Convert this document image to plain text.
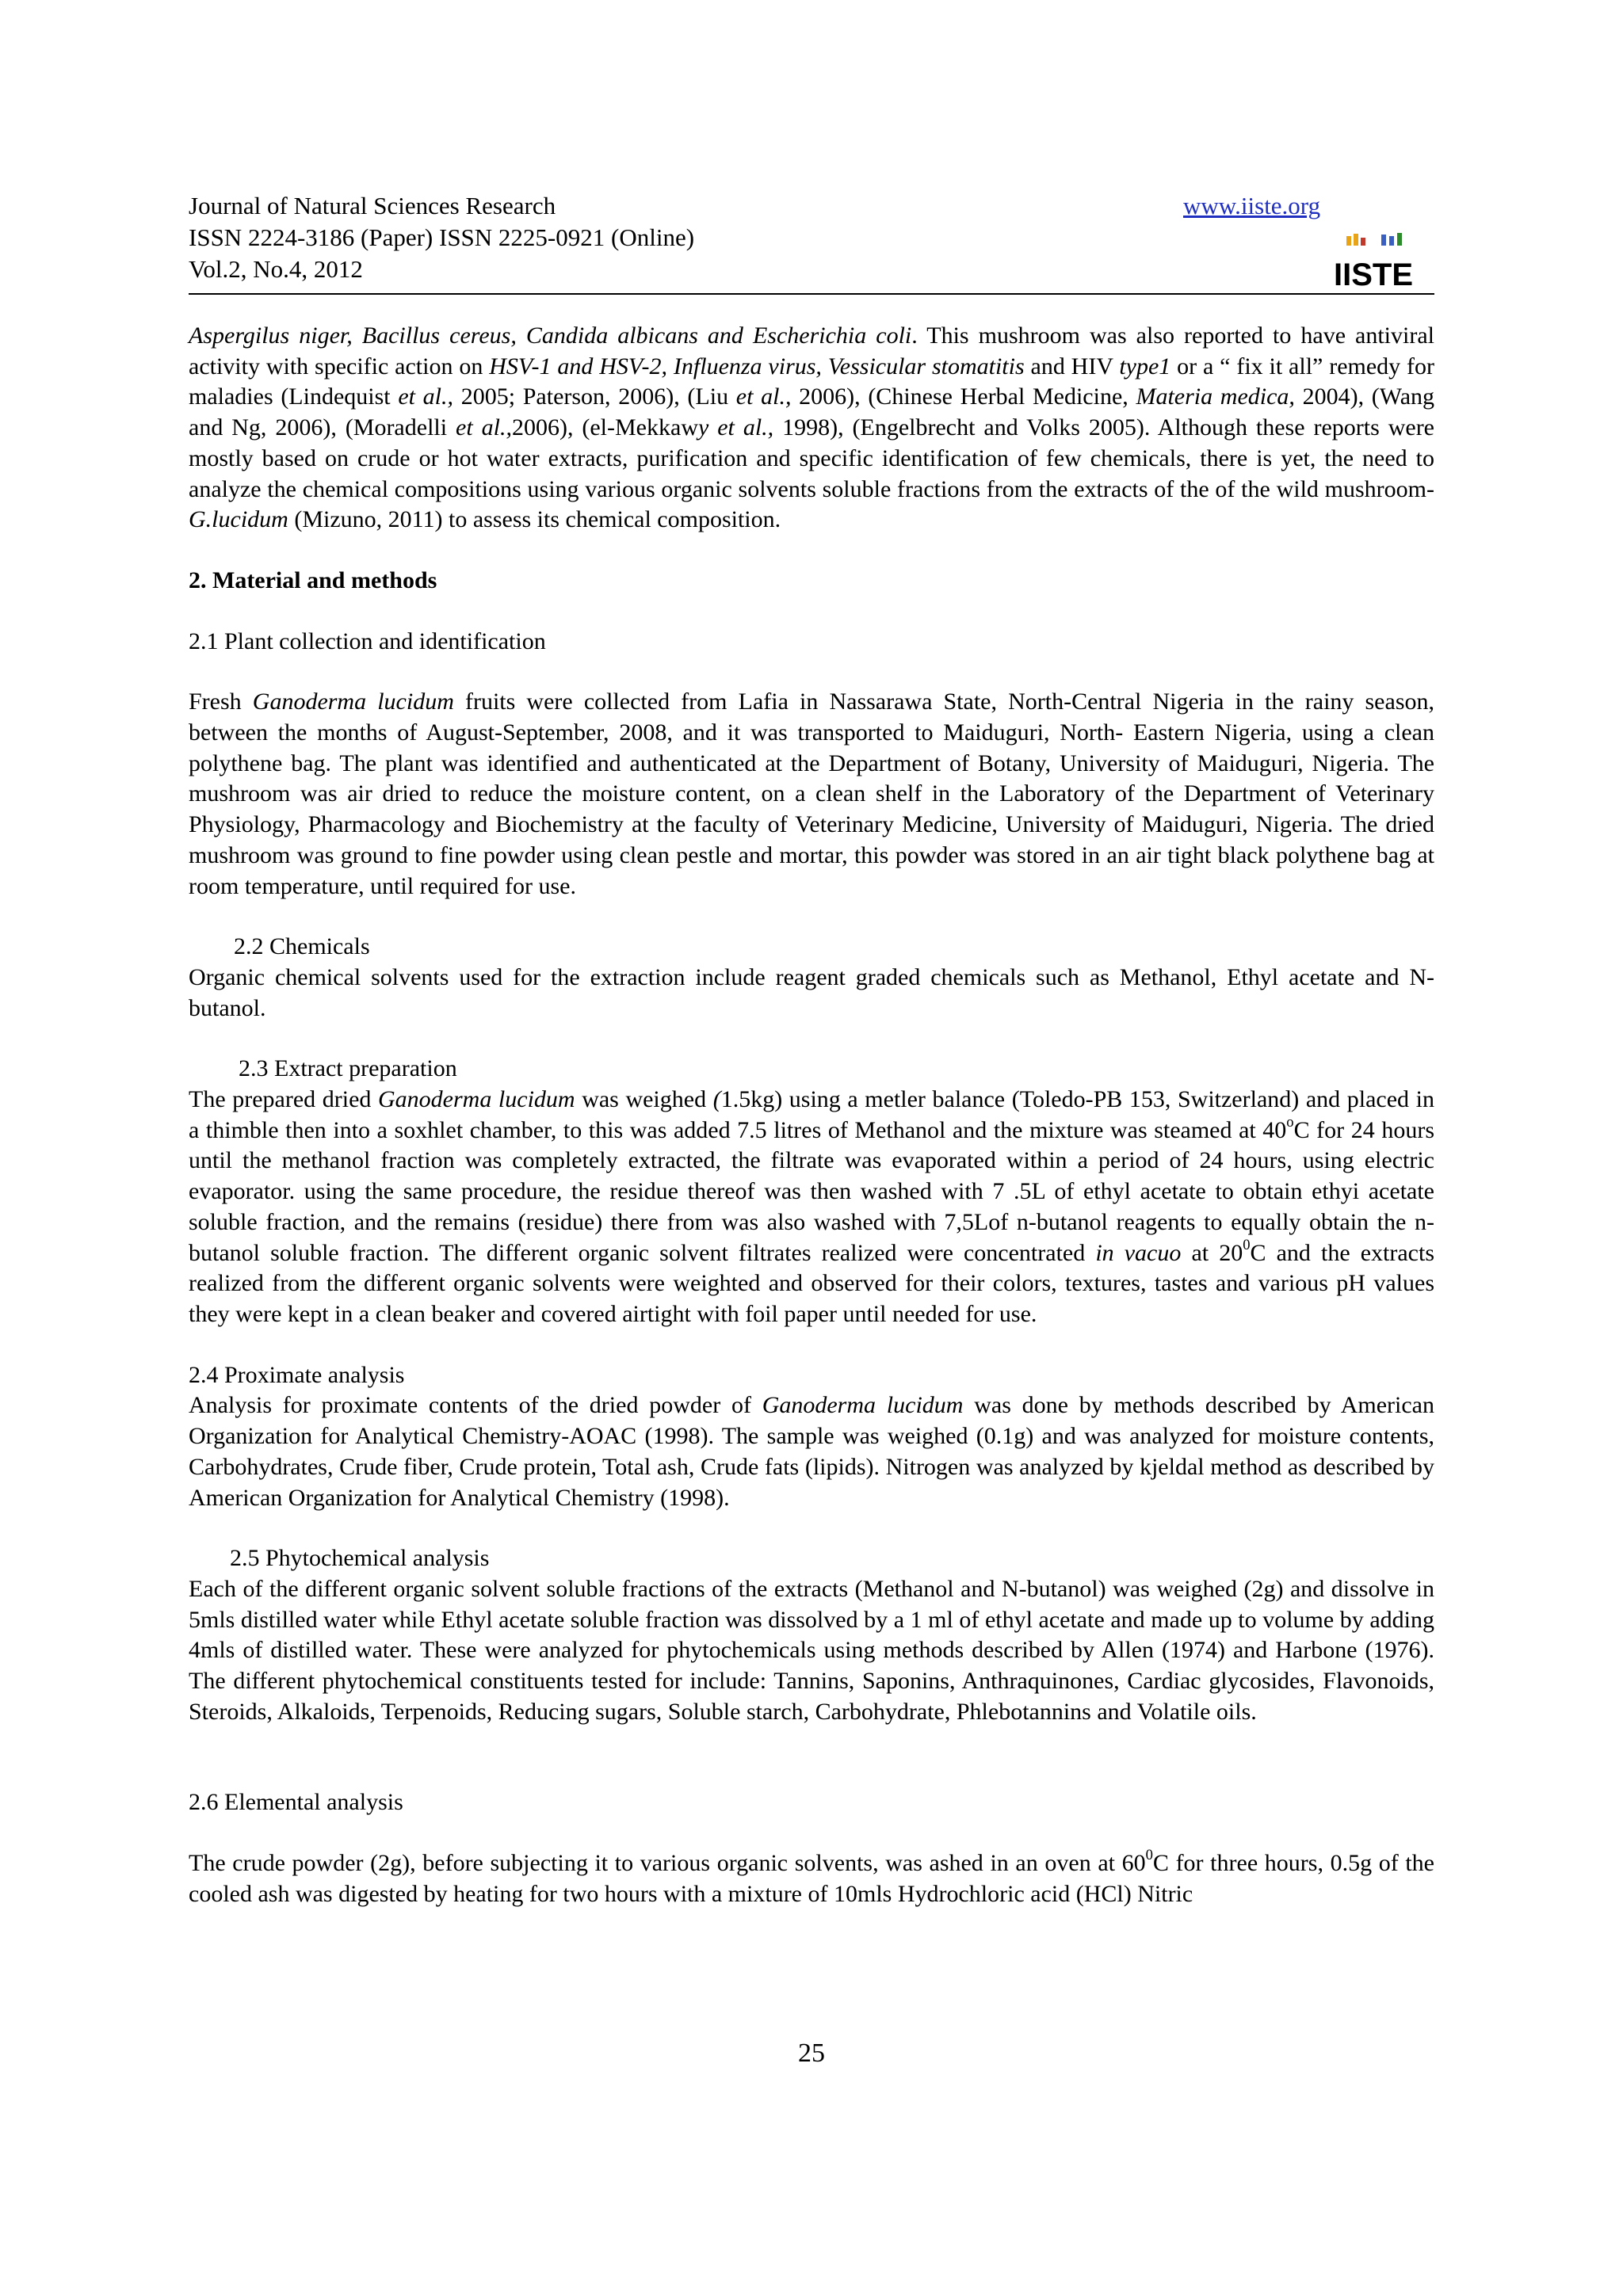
Journal of Natural Sciences Research
ISSN 2224-3186 (Paper) ISSN 2225-0921 (Online)
Vol.2, No.4, 2012
www.iiste.org
IISTE

Aspergilus niger, Bacillus cereus, Candida albicans and Escherichia coli. This mushroom was also reported to have antiviral activity with specific action on HSV-1 and HSV-2, Influenza virus, Vessicular stomatitis and HIV type1 or a “ fix it all” remedy for maladies (Lindequist et al., 2005; Paterson, 2006), (Liu et al., 2006), (Chinese Herbal Medicine, Materia medica, 2004), (Wang and Ng, 2006), (Moradelli et al.,2006), (el-Mekkawy et al., 1998), (Engelbrecht and Volks 2005). Although these reports were mostly based on crude or hot water extracts, purification and specific identification of few chemicals, there is yet, the need to analyze the chemical compositions using various organic solvents soluble fractions from the extracts of the of the wild mushroom-G.lucidum (Mizuno, 2011) to assess its chemical composition.

2. Material and methods

2.1 Plant collection and identification

Fresh Ganoderma lucidum fruits were collected from Lafia in Nassarawa State, North-Central Nigeria in the rainy season, between the months of August-September, 2008, and it was transported to Maiduguri, North- Eastern Nigeria, using a clean polythene bag. The plant was identified and authenticated at the Department of Botany, University of Maiduguri, Nigeria. The mushroom was air dried to reduce the moisture content, on a clean shelf in the Laboratory of the Department of Veterinary Physiology, Pharmacology and Biochemistry at the faculty of Veterinary Medicine, University of Maiduguri, Nigeria. The dried mushroom was ground to fine powder using clean pestle and mortar, this powder was stored in an air tight black polythene bag at room temperature, until required for use.

2.2 Chemicals

Organic chemical solvents used for the extraction include reagent graded chemicals such as Methanol, Ethyl acetate and N-butanol.

2.3 Extract preparation

The prepared dried Ganoderma lucidum was weighed (1.5kg) using a metler balance (Toledo-PB 153, Switzerland) and placed in a thimble then into a soxhlet chamber, to this was added 7.5 litres of Methanol and the mixture was steamed at 40$^o$C for 24 hours until the methanol fraction was completely extracted, the filtrate was evaporated within a period of 24 hours, using electric evaporator. using the same procedure, the residue thereof was then washed with 7 .5L of ethyl acetate to obtain ethyi acetate soluble fraction, and the remains (residue) there from was also washed with 7,5Lof n-butanol reagents to equally obtain the n-butanol soluble fraction. The different organic solvent filtrates realized were concentrated in vacuo at $20^0C$ and the extracts realized from the different organic solvents were weighted and observed for their colors, textures, tastes and various pH values they were kept in a clean beaker and covered airtight with foil paper until needed for use.

2.4 Proximate analysis

Analysis for proximate contents of the dried powder of Ganoderma lucidum was done by methods described by American Organization for Analytical Chemistry-AOAC (1998). The sample was weighed (0.1g) and was analyzed for moisture contents, Carbohydrates, Crude fiber, Crude protein, Total ash, Crude fats (lipids). Nitrogen was analyzed by kjeldal method as described by American Organization for Analytical Chemistry (1998).

2.5 Phytochemical analysis

Each of the different organic solvent soluble fractions of the extracts (Methanol and N-butanol) was weighed (2g) and dissolve in 5mls distilled water while Ethyl acetate soluble fraction was dissolved by a 1 ml of ethyl acetate and made up to volume by adding 4mls of distilled water. These were analyzed for phytochemicals using methods described by Allen (1974) and Harbone (1976). The different phytochemical constituents tested for include: Tannins, Saponins, Anthraquinones, Cardiac glycosides, Flavonoids, Steroids, Alkaloids, Terpenoids, Reducing sugars, Soluble starch, Carbohydrate, Phlebotannins and Volatile oils.

2.6 Elemental analysis

The crude powder (2g), before subjecting it to various organic solvents, was ashed in an oven at $60^0C$ for three hours, 0.5g of the cooled ash was digested by heating for two hours with a mixture of 10mls Hydrochloric acid (HCl) Nitric

25
